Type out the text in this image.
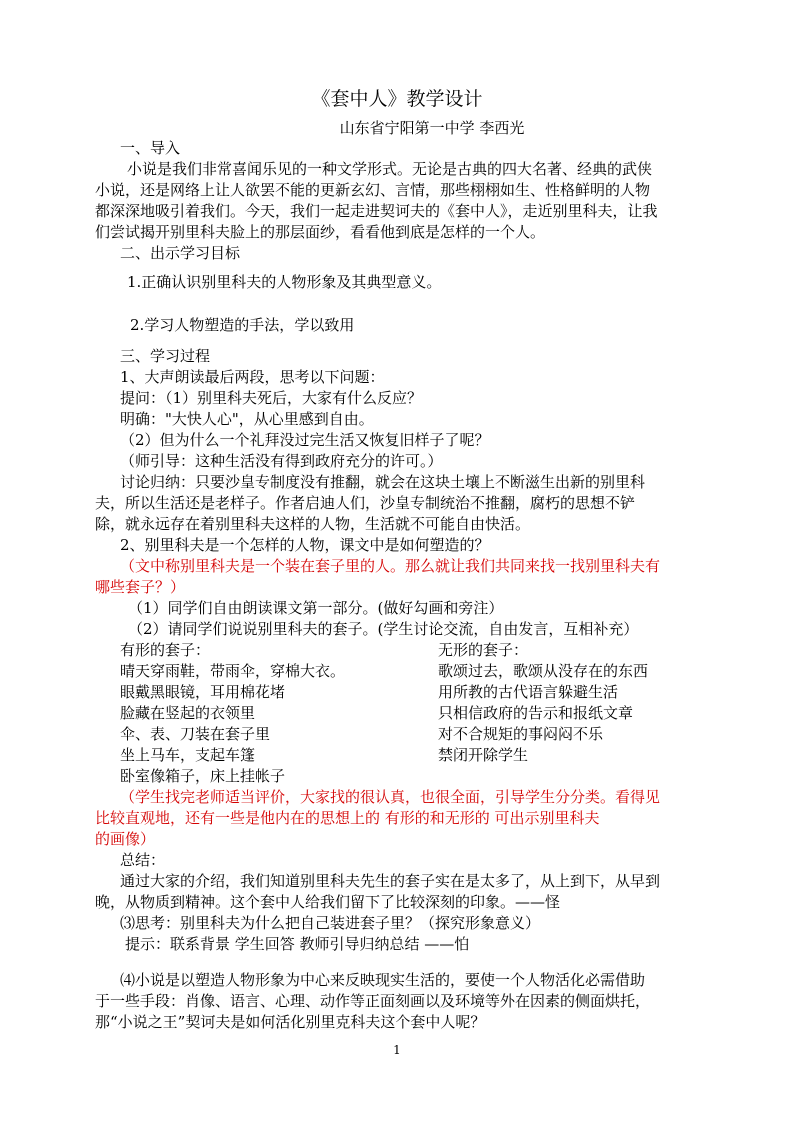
《套中人》教学设计
山东省宁阳第一中学 李西光
一、导入
小说是我们非常喜闻乐见的一种文学形式。无论是古典的四大名著、经典的武侠
小说，还是网络上让人欲罢不能的更新玄幻、言情，那些栩栩如生、性格鲜明的人物
都深深地吸引着我们。今天，我们一起走进契诃夫的《套中人》，走近别里科夫，让我
们尝试揭开别里科夫脸上的那层面纱，看看他到底是怎样的一个人。
二、出示学习目标
1.正确认识别里科夫的人物形象及其典型意义。
2.学习人物塑造的手法，学以致用
三、学习过程
1、大声朗读最后两段，思考以下问题：
提问：（1）别里科夫死后，大家有什么反应？
明确："大快人心"，从心里感到自由。
（2）但为什么一个礼拜没过完生活又恢复旧样子了呢？
（师引导：这种生活没有得到政府充分的许可。）
讨论归纳：只要沙皇专制度没有推翻，就会在这块土壤上不断滋生出新的别里科
夫，所以生活还是老样子。作者启迪人们，沙皇专制统治不推翻，腐朽的思想不铲
除，就永远存在着别里科夫这样的人物，生活就不可能自由快活。
2、别里科夫是一个怎样的人物，课文中是如何塑造的？
（文中称别里科夫是一个装在套子里的人。那么就让我们共同来找一找别里科夫有
哪些套子？）
（1）同学们自由朗读课文第一部分。(做好勾画和旁注）
（2）请同学们说说别里科夫的套子。(学生讨论交流，自由发言，互相补充）
有形的套子：	无形的套子：
晴天穿雨鞋，带雨伞，穿棉大衣。
眼戴黑眼镜，耳用棉花堵
脸藏在竖起的衣领里
伞、表、刀装在套子里
坐上马车，支起车篷
卧室像箱子，床上挂帐子
歌颂过去，歌颂从没存在的东西
用所教的古代语言躲避生活
只相信政府的告示和报纸文章
对不合规矩的事闷闷不乐
禁闭开除学生
（学生找完老师适当评价，大家找的很认真，也很全面，引导学生分分类。看得见
比较直观地，还有一些是他内在的思想上的 有形的和无形的 可出示别里科夫
的画像）
总结：
通过大家的介绍，我们知道别里科夫先生的套子实在是太多了，从上到下，从早到
晚，从物质到精神。这个套中人给我们留下了比较深刻的印象。——怪
⑶思考：别里科夫为什么把自己装进套子里？（探究形象意义）
提示：联系背景 学生回答 教师引导归纳总结 ——怕
⑷小说是以塑造人物形象为中心来反映现实生活的，要使一个人物活化必需借助
于一些手段：肖像、语言、心理、动作等正面刻画以及环境等外在因素的侧面烘托，
那“小说之王”契诃夫是如何活化别里克科夫这个套中人呢？
1
